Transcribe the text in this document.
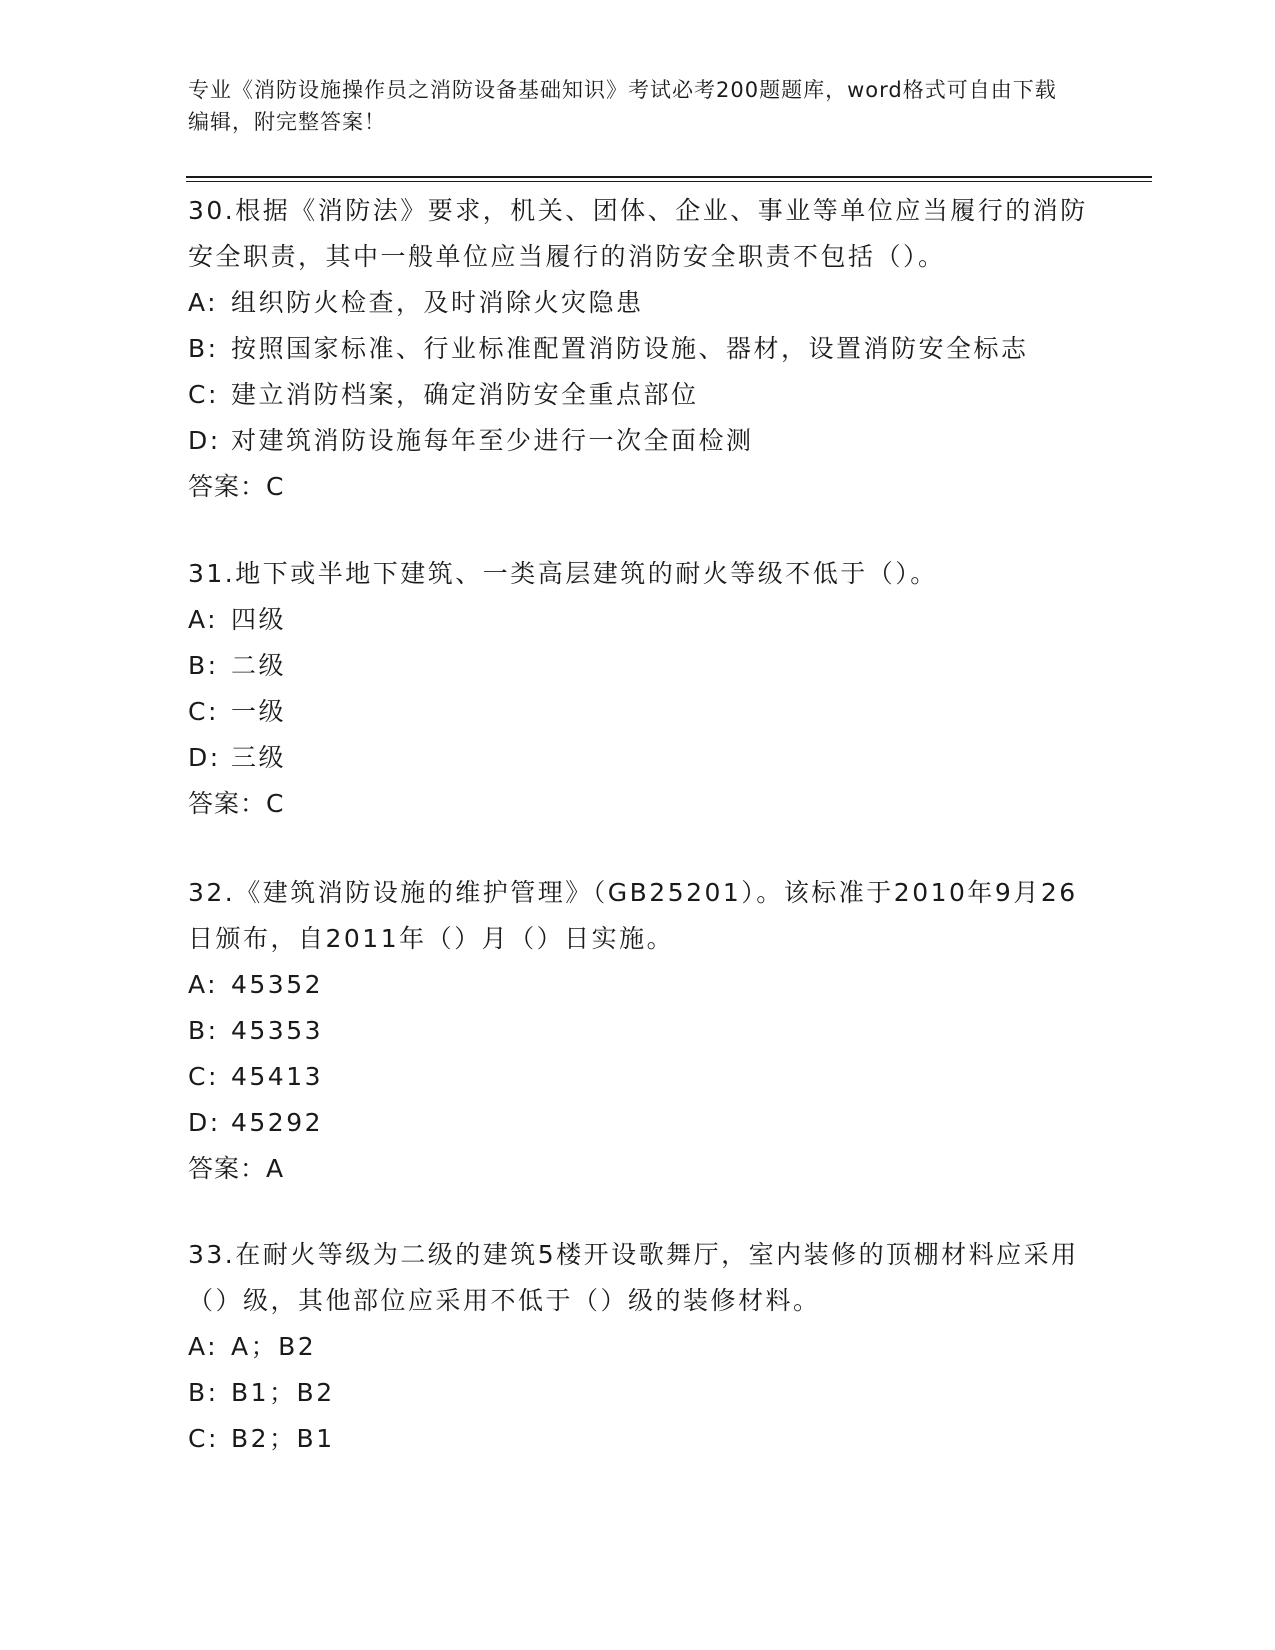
专业《消防设施操作员之消防设备基础知识》考试必考200题题库，word格式可自由下载编辑，附完整答案！
30.根据《消防法》要求，机关、团体、企业、事业等单位应当履行的消防安全职责，其中一般单位应当履行的消防安全职责不包括（）。
A: 组织防火检查，及时消除火灾隐患
B: 按照国家标准、行业标准配置消防设施、器材，设置消防安全标志
C: 建立消防档案，确定消防安全重点部位
D: 对建筑消防设施每年至少进行一次全面检测
答案：C
31.地下或半地下建筑、一类高层建筑的耐火等级不低于（）。
A: 四级
B: 二级
C: 一级
D: 三级
答案：C
32.《建筑消防设施的维护管理》（GB25201）。该标准于2010年9月26日颁布，自2011年（）月（）日实施。
A: 45352
B: 45353
C: 45413
D: 45292
答案：A
33.在耐火等级为二级的建筑5楼开设歌舞厅，室内装修的顶棚材料应采用（）级，其他部位应采用不低于（）级的装修材料。
A: A；B2
B: B1；B2
C: B2；B1
